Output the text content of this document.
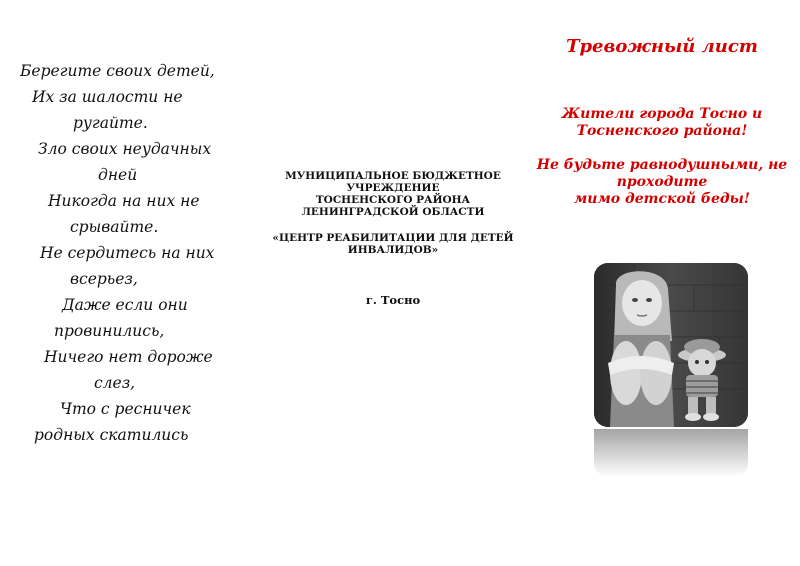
Берегите своих детей,
Их за шалости не
ругайте.
Зло своих неудачных
дней
Никогда на них не
срывайте.
Не сердитесь на них
всерьез,
Даже если они
провинились,
Ничего нет дороже
слез,
Что с ресничек
родных скатились
МУНИЦИПАЛЬНОЕ БЮДЖЕТНОЕ
УЧРЕЖДЕНИЕ
ТОСНЕНСКОГО РАЙОНА
ЛЕНИНГРАДСКОЙ ОБЛАСТИ
«ЦЕНТР РЕАБИЛИТАЦИИ ДЛЯ ДЕТЕЙ
ИНВАЛИДОВ»
г. Тосно
Тревожный лист
Жители города Тосно и
Тосненского района!
Не будьте равнодушными, не
проходите
мимо детской беды!
